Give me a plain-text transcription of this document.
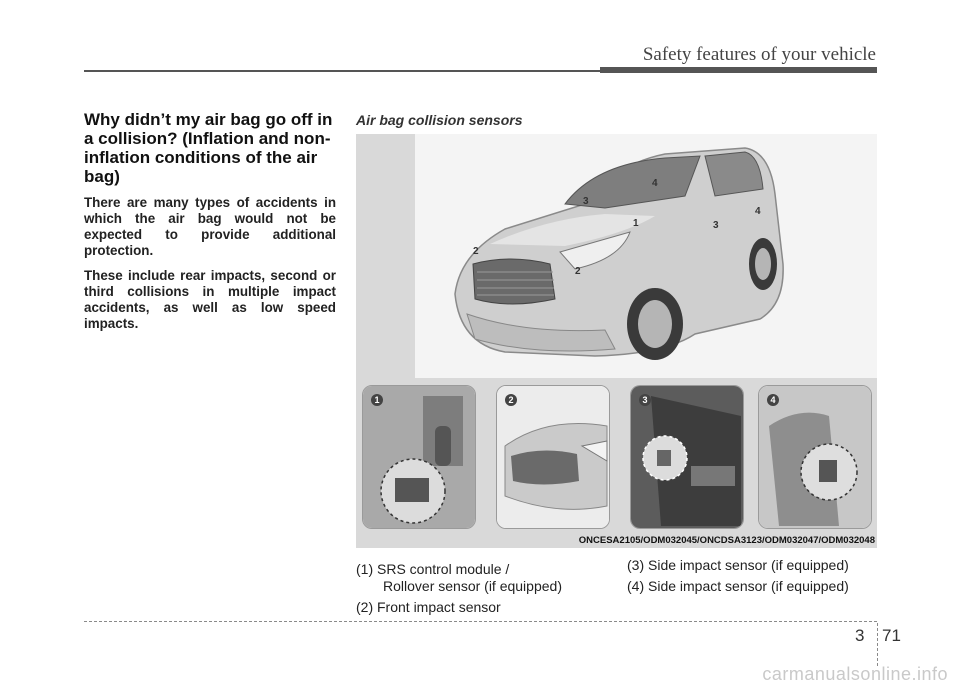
Safety features of your vehicle
Why didn’t my air bag go off in a collision? (Inflation and non-inflation conditions of the air bag)

There are many types of accidents in which the air bag would not be expected to provide additional protection.

These include rear impacts, second or third collisions in multiple impact accidents, as well as low speed impacts.

Air bag collision sensors
1
2
2
3
3
4
4
1	2	3	4
ONCESA2105/ODM032045/ONCDSA3123/ODM032047/ODM032048
(1) SRS control module /
Rollover sensor (if equipped)
(2) Front impact sensor
(3) Side impact sensor (if equipped)
(4) Side impact sensor (if equipped)
3 71
carmanualsonline.info
